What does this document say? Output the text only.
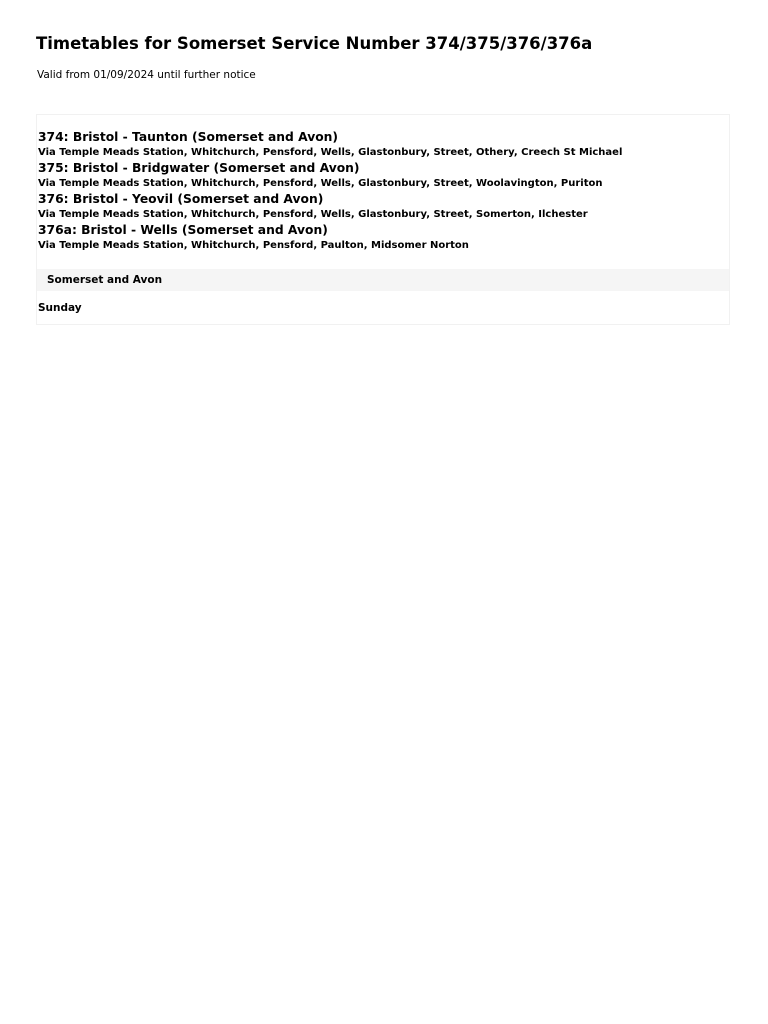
Timetables for Somerset Service Number 374/375/376/376a

Valid from 01/09/2024 until further notice

374: Bristol - Taunton (Somerset and Avon)
Via Temple Meads Station, Whitchurch, Pensford, Wells, Glastonbury, Street, Othery, Creech St Michael
375: Bristol - Bridgwater (Somerset and Avon)
Via Temple Meads Station, Whitchurch, Pensford, Wells, Glastonbury, Street, Woolavington, Puriton
376: Bristol - Yeovil (Somerset and Avon)
Via Temple Meads Station, Whitchurch, Pensford, Wells, Glastonbury, Street, Somerton, Ilchester
376a: Bristol - Wells (Somerset and Avon)
Via Temple Meads Station, Whitchurch, Pensford, Paulton, Midsomer Norton
Somerset and Avon
Sunday
